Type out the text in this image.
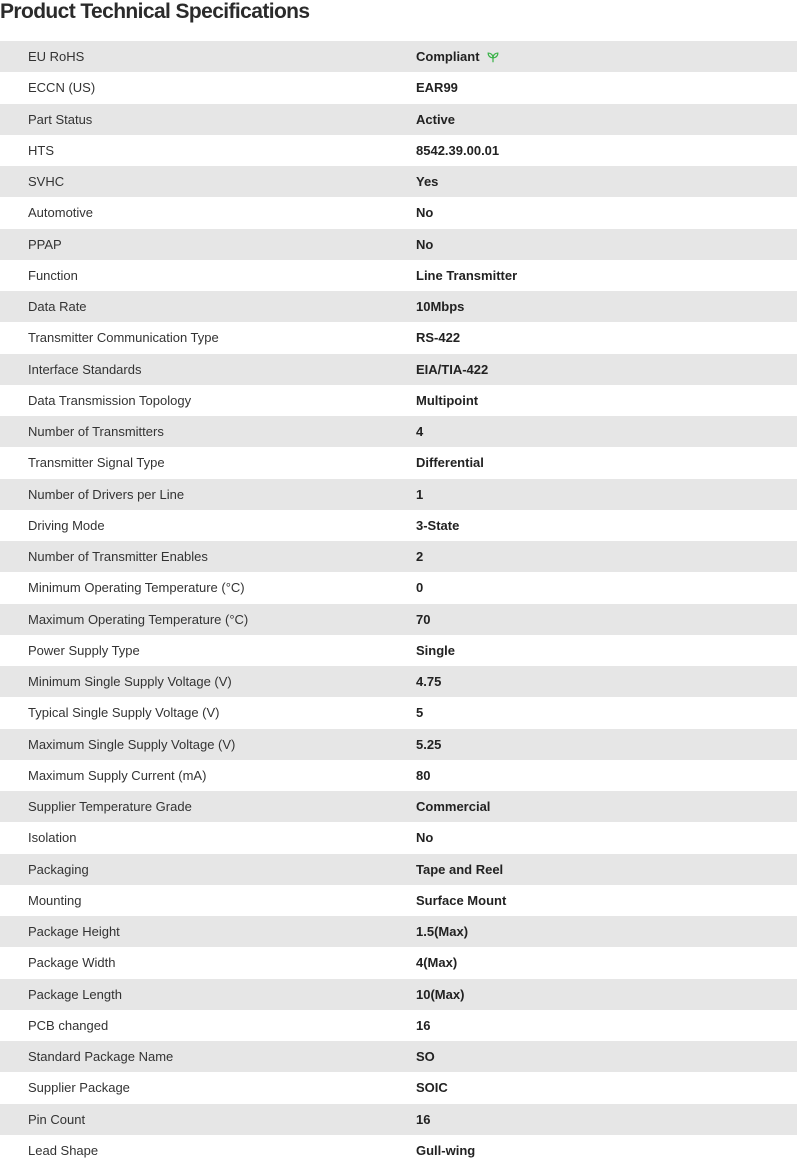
Product Technical Specifications
EU RoHS	Compliant
ECCN (US)	EAR99
Part Status	Active
HTS	8542.39.00.01
SVHC	Yes
Automotive	No
PPAP	No
Function	Line Transmitter
Data Rate	10Mbps
Transmitter Communication Type	RS-422
Interface Standards	EIA/TIA-422
Data Transmission Topology	Multipoint
Number of Transmitters	4
Transmitter Signal Type	Differential
Number of Drivers per Line	1
Driving Mode	3-State
Number of Transmitter Enables	2
Minimum Operating Temperature (°C)	0
Maximum Operating Temperature (°C)	70
Power Supply Type	Single
Minimum Single Supply Voltage (V)	4.75
Typical Single Supply Voltage (V)	5
Maximum Single Supply Voltage (V)	5.25
Maximum Supply Current (mA)	80
Supplier Temperature Grade	Commercial
Isolation	No
Packaging	Tape and Reel
Mounting	Surface Mount
Package Height	1.5(Max)
Package Width	4(Max)
Package Length	10(Max)
PCB changed	16
Standard Package Name	SO
Supplier Package	SOIC
Pin Count	16
Lead Shape	Gull-wing
